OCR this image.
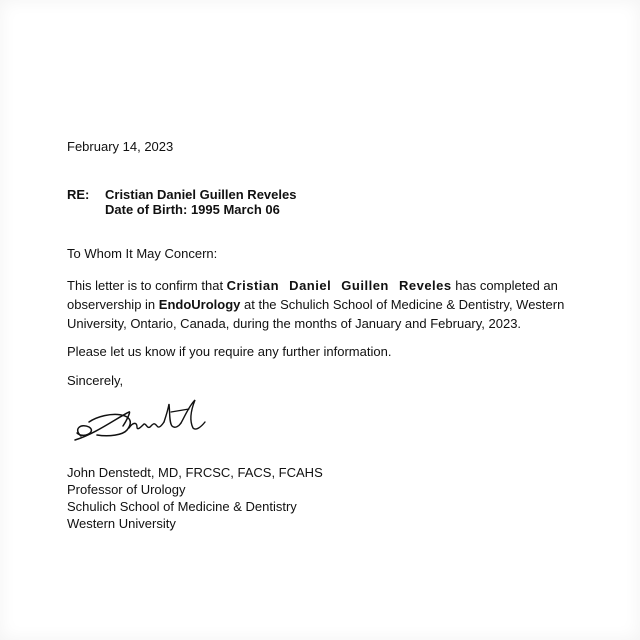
February 14, 2023
RE:	Cristian Daniel Guillen Reveles
Date of Birth: 1995 March 06
To Whom It May Concern:
This letter is to confirm that Cristian Daniel Guillen Reveles has completed an observership in EndoUrology at the Schulich School of Medicine & Dentistry, Western University, Ontario, Canada, during the months of January and February, 2023.
Please let us know if you require any further information.
Sincerely,
John Denstedt, MD, FRCSC, FACS, FCAHS
Professor of Urology
Schulich School of Medicine & Dentistry
Western University
